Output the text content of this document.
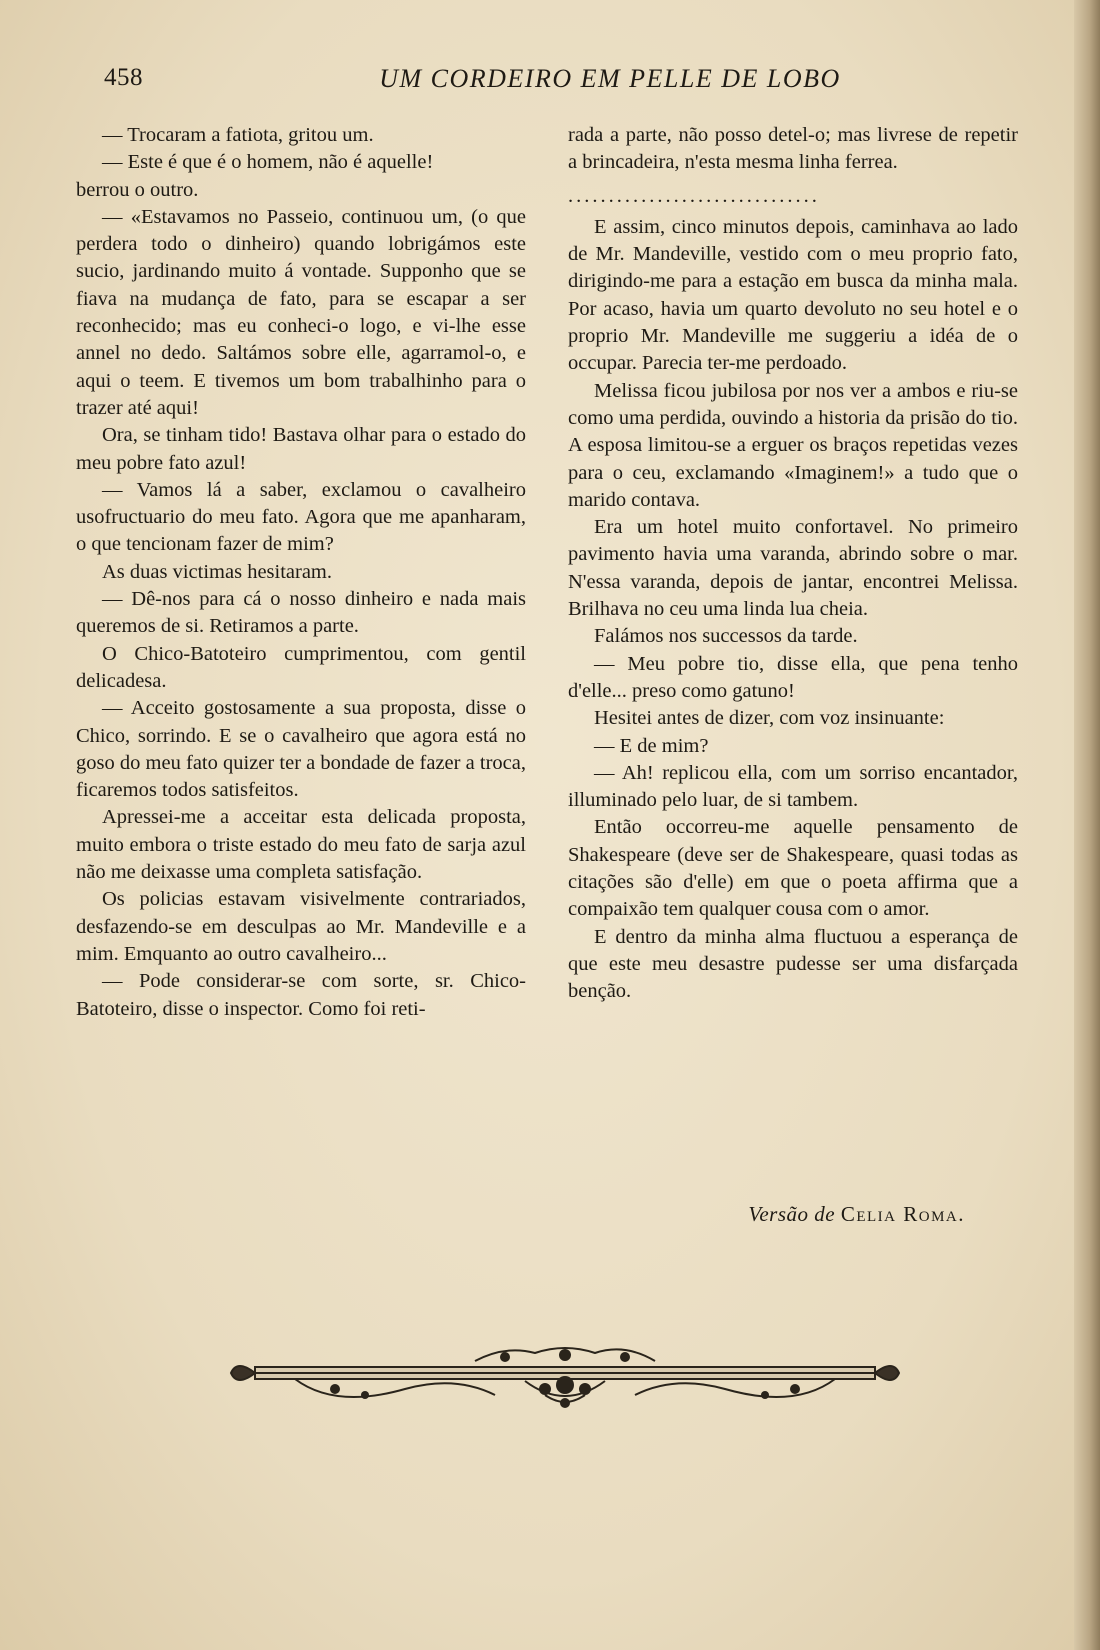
458	UM CORDEIRO EM PELLE DE LOBO

— Trocaram a fatiota, gritou um.

— Este é que é o homem, não é aquelle!

berrou o outro.

— «Estavamos no Passeio, continuou um, (o que perdera todo o dinheiro) quando lobrigámos este sucio, jardinando muito á vontade. Supponho que se fiava na mudança de fato, para se escapar a ser reconhecido; mas eu conheci-o logo, e vi-lhe esse annel no dedo. Saltámos sobre elle, agarramol-o, e aqui o teem. E tivemos um bom trabalhinho para o trazer até aqui!

Ora, se tinham tido! Bastava olhar para o estado do meu pobre fato azul!

— Vamos lá a saber, exclamou o cavalheiro usofructuario do meu fato. Agora que me apanharam, o que tencionam fazer de mim?

As duas victimas hesitaram.

— Dê-nos para cá o nosso dinheiro e nada mais queremos de si. Retiramos a parte.

O Chico-Batoteiro cumprimentou, com gentil delicadesa.

— Acceito gostosamente a sua proposta, disse o Chico, sorrindo. E se o cavalheiro que agora está no goso do meu fato quizer ter a bondade de fazer a troca, ficaremos todos satisfeitos.

Apressei-me a acceitar esta delicada proposta, muito embora o triste estado do meu fato de sarja azul não me deixasse uma completa satisfação.

Os policias estavam visivelmente contrariados, desfazendo-se em desculpas ao Mr. Mandeville e a mim. Emquanto ao outro cavalheiro...

— Pode considerar-se com sorte, sr. Chico-Batoteiro, disse o inspector. Como foi reti-

rada a parte, não posso detel-o; mas livrese de repetir a brincadeira, n'esta mesma linha ferrea.

...............................

E assim, cinco minutos depois, caminhava ao lado de Mr. Mandeville, vestido com o meu proprio fato, dirigindo-me para a estação em busca da minha mala. Por acaso, havia um quarto devoluto no seu hotel e o proprio Mr. Mandeville me suggeriu a idéa de o occupar. Parecia ter-me perdoado.

Melissa ficou jubilosa por nos ver a ambos e riu-se como uma perdida, ouvindo a historia da prisão do tio. A esposa limitou-se a erguer os braços repetidas vezes para o ceu, exclamando «Imaginem!» a tudo que o marido contava.

Era um hotel muito confortavel. No primeiro pavimento havia uma varanda, abrindo sobre o mar. N'essa varanda, depois de jantar, encontrei Melissa. Brilhava no ceu uma linda lua cheia.

Falámos nos successos da tarde.

— Meu pobre tio, disse ella, que pena tenho d'elle... preso como gatuno!

Hesitei antes de dizer, com voz insinuante:

— E de mim?

— Ah! replicou ella, com um sorriso encantador, illuminado pelo luar, de si tambem.

Então occorreu-me aquelle pensamento de Shakespeare (deve ser de Shakespeare, quasi todas as citações são d'elle) em que o poeta affirma que a compaixão tem qualquer cousa com o amor.

E dentro da minha alma fluctuou a esperança de que este meu desastre pudesse ser uma disfarçada benção.

Versão de Celia Roma.
